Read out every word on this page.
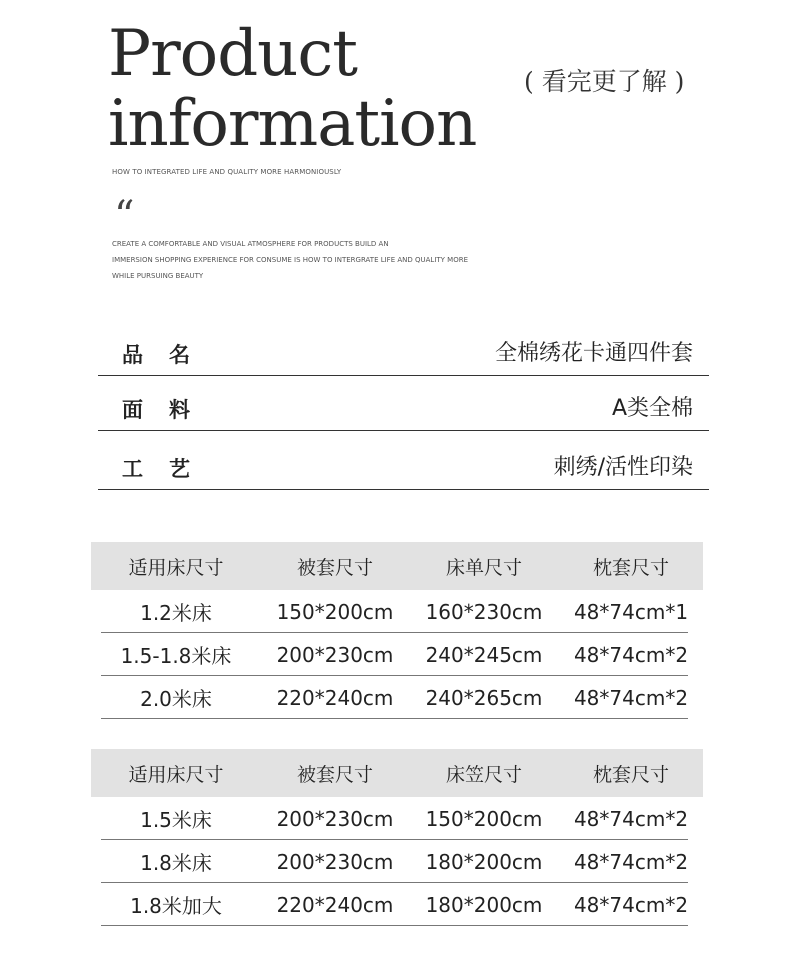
Product
information
( 看完更了解 )
HOW TO INTEGRATED LIFE AND QUALITY MORE HARMONIOUSLY
“
CREATE A COMFORTABLE AND VISUAL ATMOSPHERE FOR PRODUCTS BUILD AN
IMMERSION SHOPPING EXPERIENCE FOR CONSUME IS HOW TO INTERGRATE LIFE AND QUALITY MORE
WHILE PURSUING BEAUTY
品名	全棉绣花卡通四件套
面料	A类全棉
工艺	刺绣/活性印染
适用床尺寸	被套尺寸	床单尺寸	枕套尺寸
1.2米床	150*200cm	160*230cm	48*74cm*1
1.5-1.8米床	200*230cm	240*245cm	48*74cm*2
2.0米床	220*240cm	240*265cm	48*74cm*2
适用床尺寸	被套尺寸	床笠尺寸	枕套尺寸
1.5米床	200*230cm	150*200cm	48*74cm*2
1.8米床	200*230cm	180*200cm	48*74cm*2
1.8米加大	220*240cm	180*200cm	48*74cm*2
